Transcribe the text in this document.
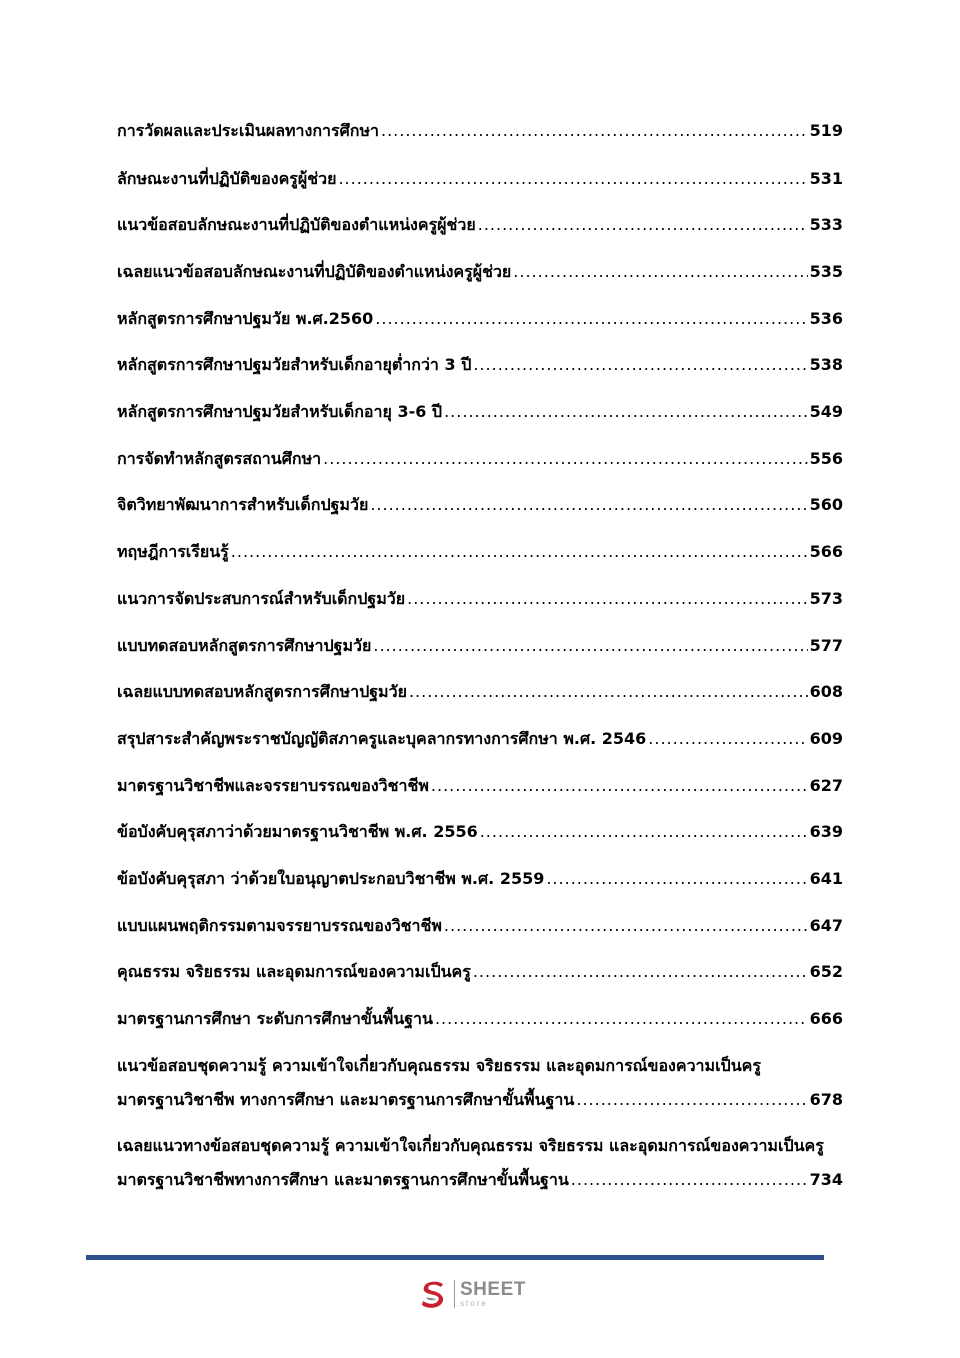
การวัดผลและประเมินผลทางการศึกษา .....	519
ลักษณะงานที่ปฏิบัติของครูผู้ช่วย .....	531
แนวข้อสอบลักษณะงานที่ปฏิบัติของตำแหน่งครูผู้ช่วย .....	533
เฉลยแนวข้อสอบลักษณะงานที่ปฏิบัติของตำแหน่งครูผู้ช่วย .....	535
หลักสูตรการศึกษาปฐมวัย พ.ศ.2560 .....	536
หลักสูตรการศึกษาปฐมวัยสำหรับเด็กอายุต่ำกว่า 3 ปี .....	538
หลักสูตรการศึกษาปฐมวัยสำหรับเด็กอายุ 3-6 ปี .....	549
การจัดทำหลักสูตรสถานศึกษา .....	556
จิตวิทยาพัฒนาการสำหรับเด็กปฐมวัย .....	560
ทฤษฎีการเรียนรู้ .....	566
แนวการจัดประสบการณ์สำหรับเด็กปฐมวัย .....	573
แบบทดสอบหลักสูตรการศึกษาปฐมวัย .....	577
เฉลยแบบทดสอบหลักสูตรการศึกษาปฐมวัย .....	608
สรุปสาระสำคัญพระราชบัญญัติสภาครูและบุคลากรทางการศึกษา พ.ศ. 2546 .....	609
มาตรฐานวิชาชีพและจรรยาบรรณของวิชาชีพ .....	627
ข้อบังคับคุรุสภาว่าด้วยมาตรฐานวิชาชีพ พ.ศ. 2556 .....	639
ข้อบังคับคุรุสภา ว่าด้วยใบอนุญาตประกอบวิชาชีพ พ.ศ. 2559 .....	641
แบบแผนพฤติกรรมตามจรรยาบรรณของวิชาชีพ .....	647
คุณธรรม จริยธรรม และอุดมการณ์ของความเป็นครู .....	652
มาตรฐานการศึกษา ระดับการศึกษาขั้นพื้นฐาน .....	666
แนวข้อสอบชุดความรู้ ความเข้าใจเกี่ยวกับคุณธรรม จริยธรรม และอุดมการณ์ของความเป็นครู
มาตรฐานวิชาชีพ ทางการศึกษา และมาตรฐานการศึกษาขั้นพื้นฐาน .....	678
เฉลยแนวทางข้อสอบชุดความรู้ ความเข้าใจเกี่ยวกับคุณธรรม จริยธรรม และอุดมการณ์ของความเป็นครู
มาตรฐานวิชาชีพทางการศึกษา และมาตรฐานการศึกษาขั้นพื้นฐาน .....	734
SHEET
store
